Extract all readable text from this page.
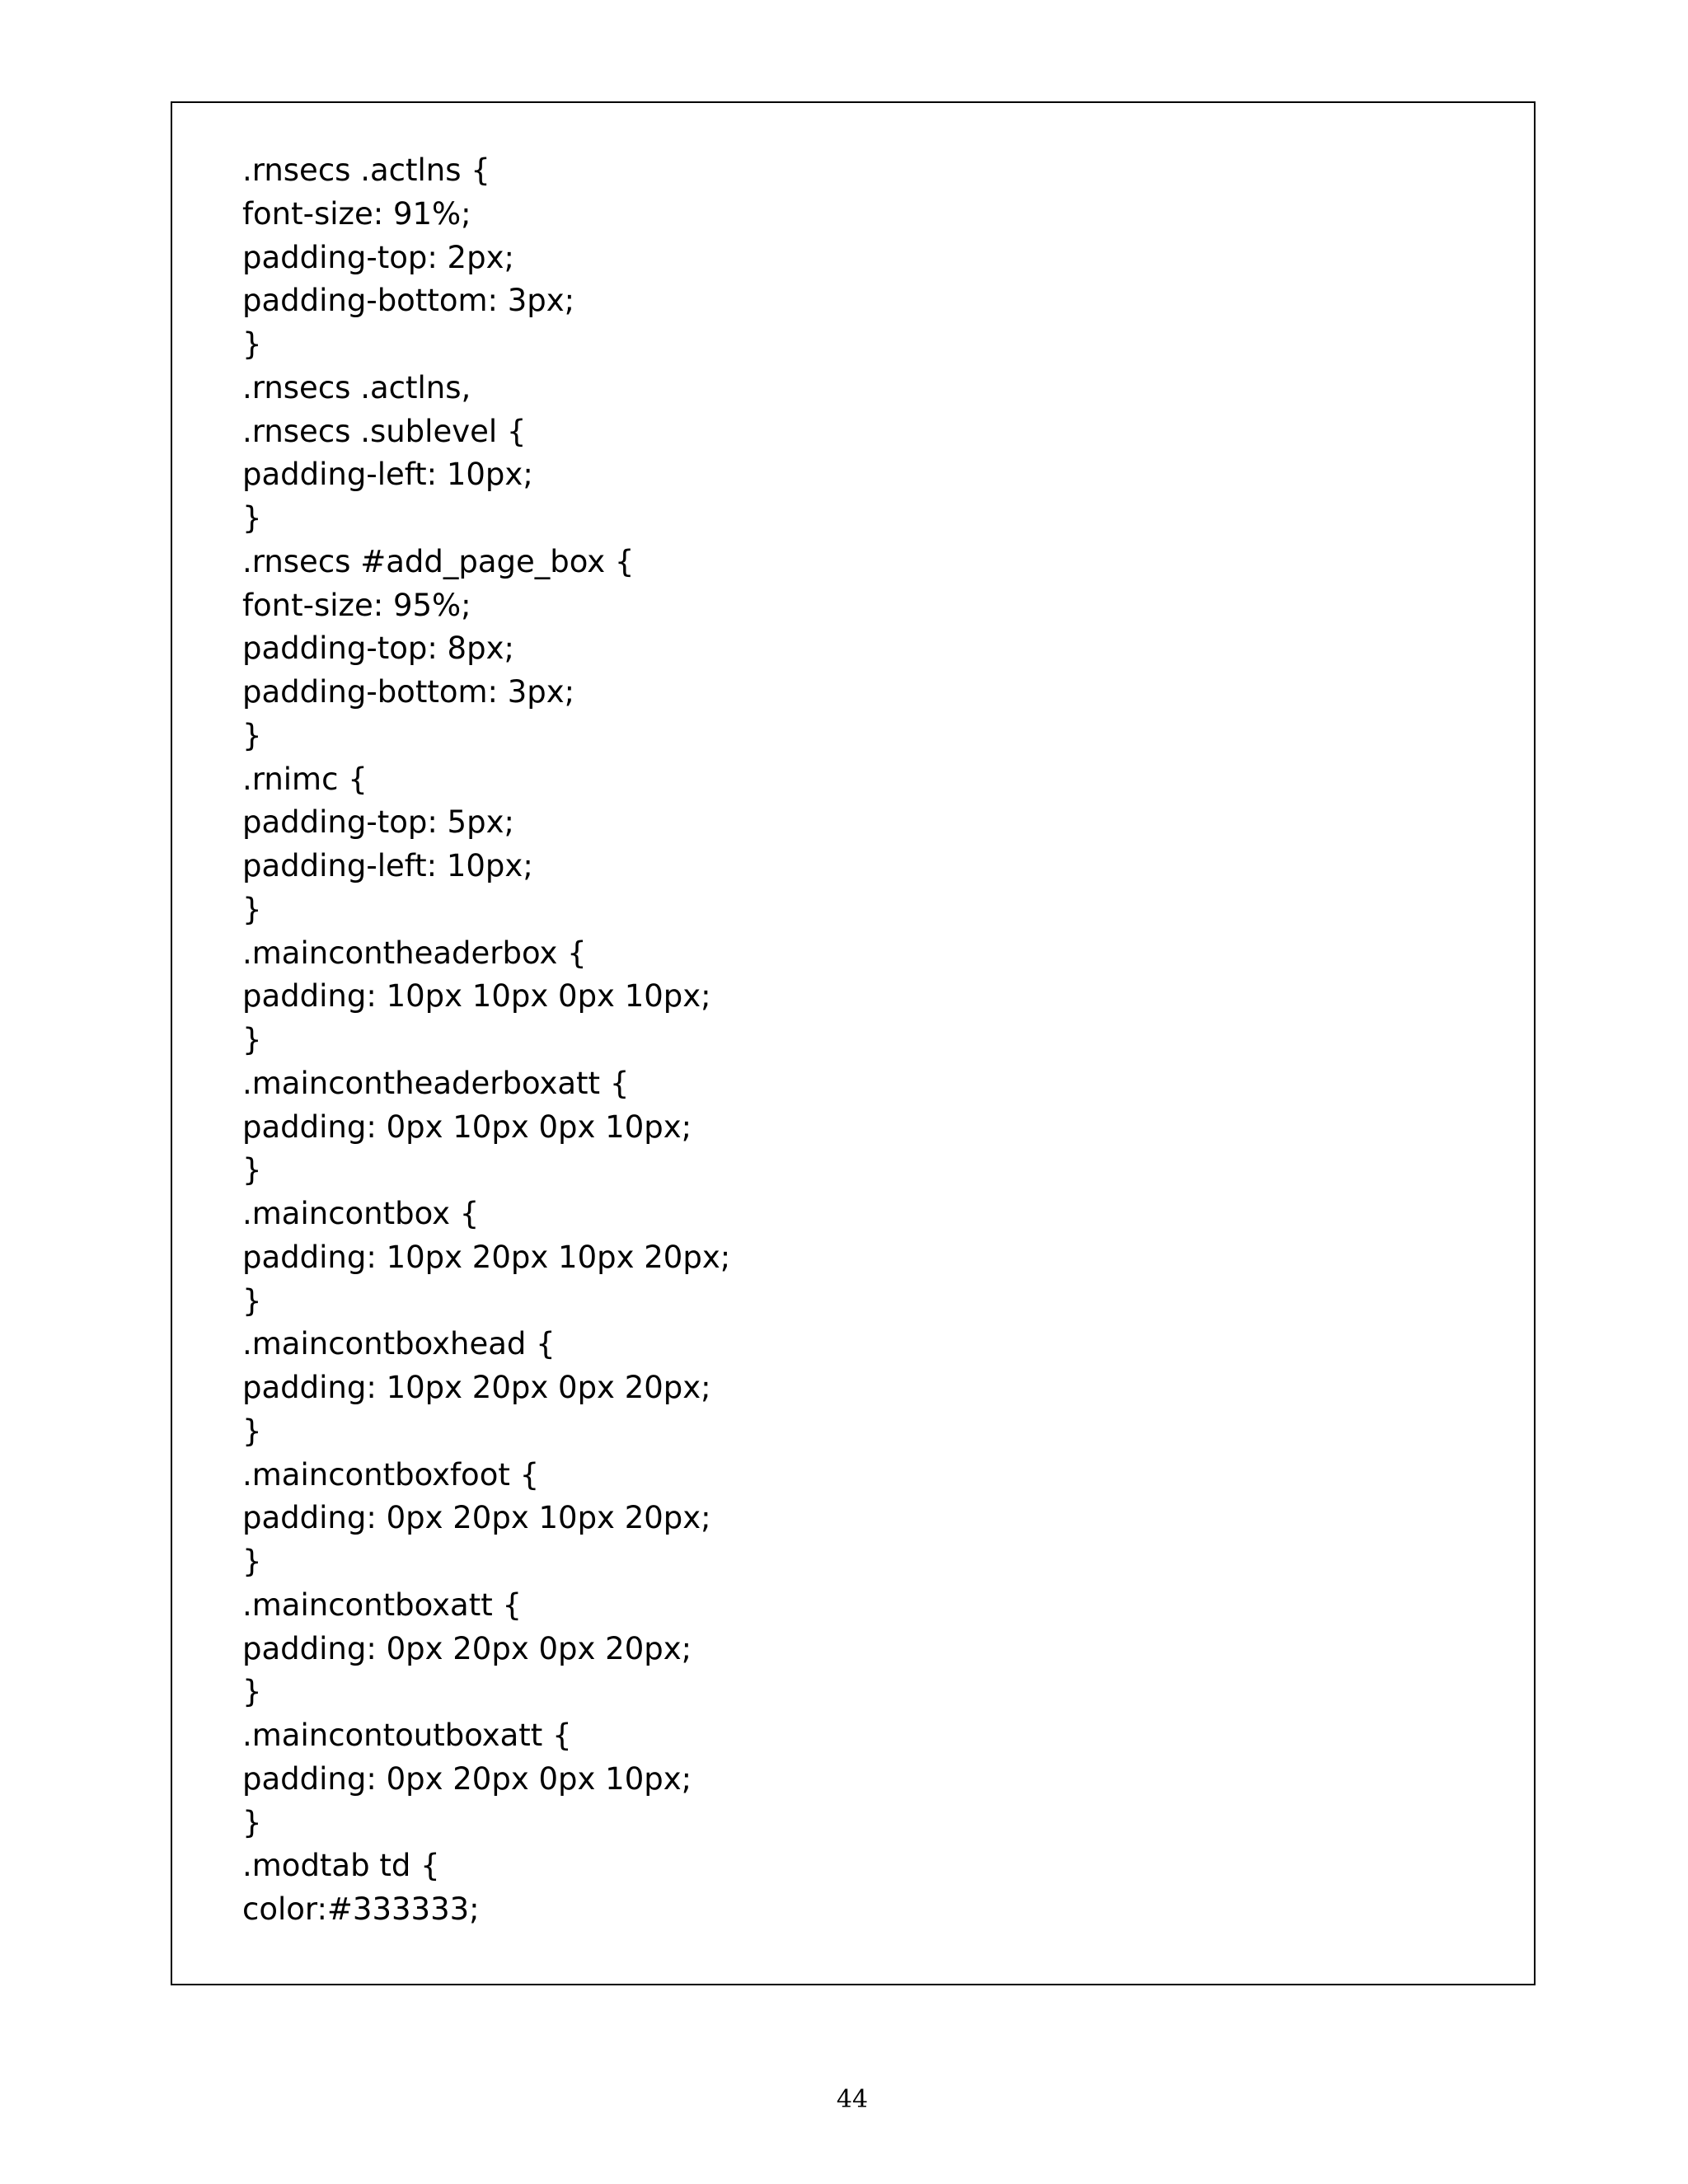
.rnsecs .actlns {
font-size: 91%;
padding-top: 2px;
padding-bottom: 3px;
}
.rnsecs .actlns,
.rnsecs .sublevel {
padding-left: 10px;
}
.rnsecs #add_page_box {
font-size: 95%;
padding-top: 8px;
padding-bottom: 3px;
}
.rnimc {
padding-top: 5px;
padding-left: 10px;
}
.maincontheaderbox {
padding: 10px 10px 0px 10px;
}
.maincontheaderboxatt {
padding: 0px 10px 0px 10px;
}
.maincontbox {
padding: 10px 20px 10px 20px;
}
.maincontboxhead {
padding: 10px 20px 0px 20px;
}
.maincontboxfoot {
padding: 0px 20px 10px 20px;
}
.maincontboxatt {
padding: 0px 20px 0px 20px;
}
.maincontoutboxatt {
padding: 0px 20px 0px 10px;
}
.modtab td {
color:#333333;
44
